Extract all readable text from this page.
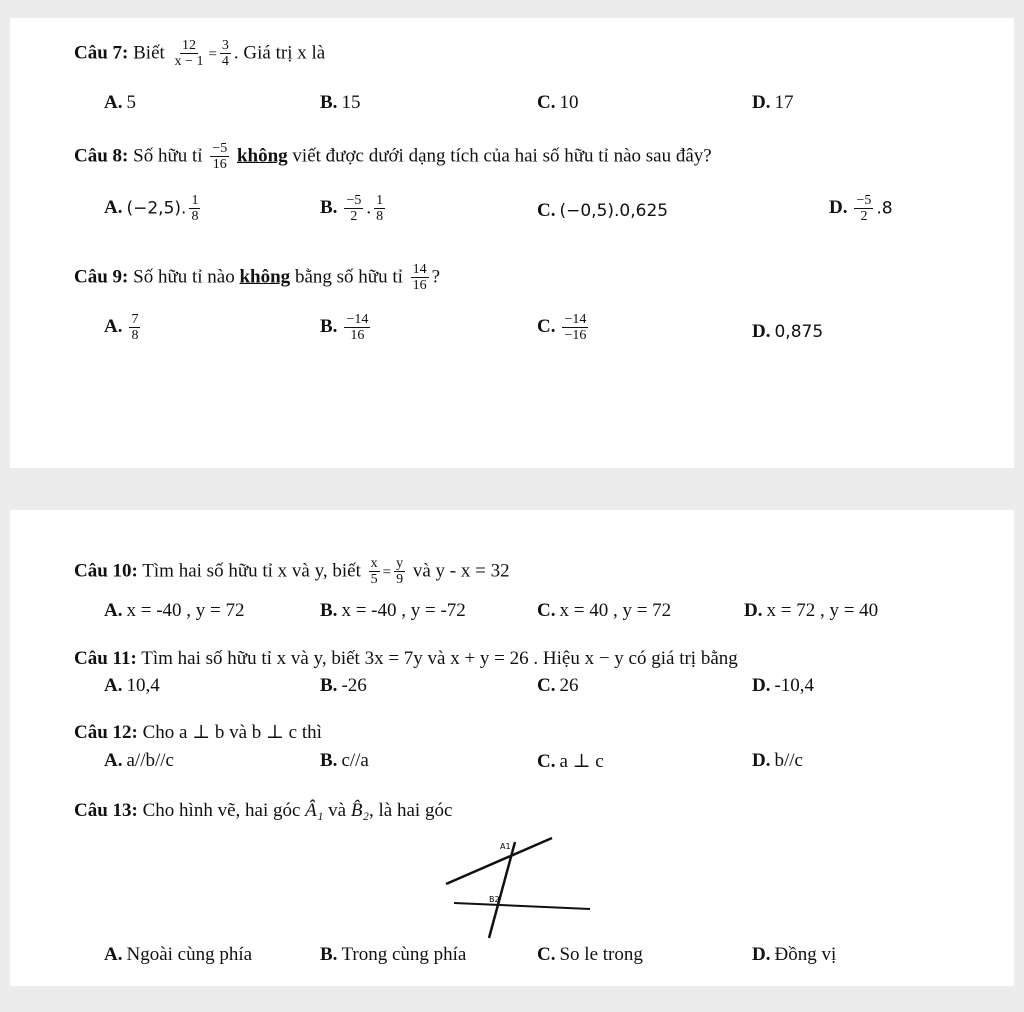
Câu 7: Biết $\frac{12}{x - 1} = \frac{3}{4}$ . Giá trị x là
A. 5	B. 15	C. 10	D. 17
Câu 8: Số hữu tỉ $\frac{-5}{16}$ không viết được dưới dạng tích của hai số hữu tỉ nào sau đây?
A. (−2,5). $\frac{1}{8}$	B. $\frac{-5}{2}$ . $\frac{1}{8}$	C. (−0,5).0,625	D. $\frac{-5}{2} .8$
Câu 9: Số hữu tỉ nào không bằng số hữu tỉ $\frac{14}{16}$ ?
A. $\frac{7}{8}$	B. $\frac{-14}{16}$	C. $\frac{-14}{-16}$	D. 0,875
Câu 10: Tìm hai số hữu tỉ x và y, biết $\frac{x}{5} = \frac{y}{9}$ và y - x = 32
A. x = -40 , y = 72	B. x = -40 , y = -72	C. x = 40 , y = 72	D. x = 72 , y = 40
Câu 11: Tìm hai số hữu tỉ x và y, biết 3x = 7y và x + y = 26 . Hiệu x − y có giá trị bằng
A. 10,4	B. -26	C. 26	D. -10,4
Câu 12: Cho a ⊥ b và b ⊥ c thì
A. a//b//c	B. c//a	C. a ⊥ c	D. b//c
Câu 13: Cho hình vẽ, hai góc Â₁ và B̂₂, là hai góc
A1
B2
A. Ngoài cùng phía	B. Trong cùng phía	C. So le trong	D. Đồng vị
